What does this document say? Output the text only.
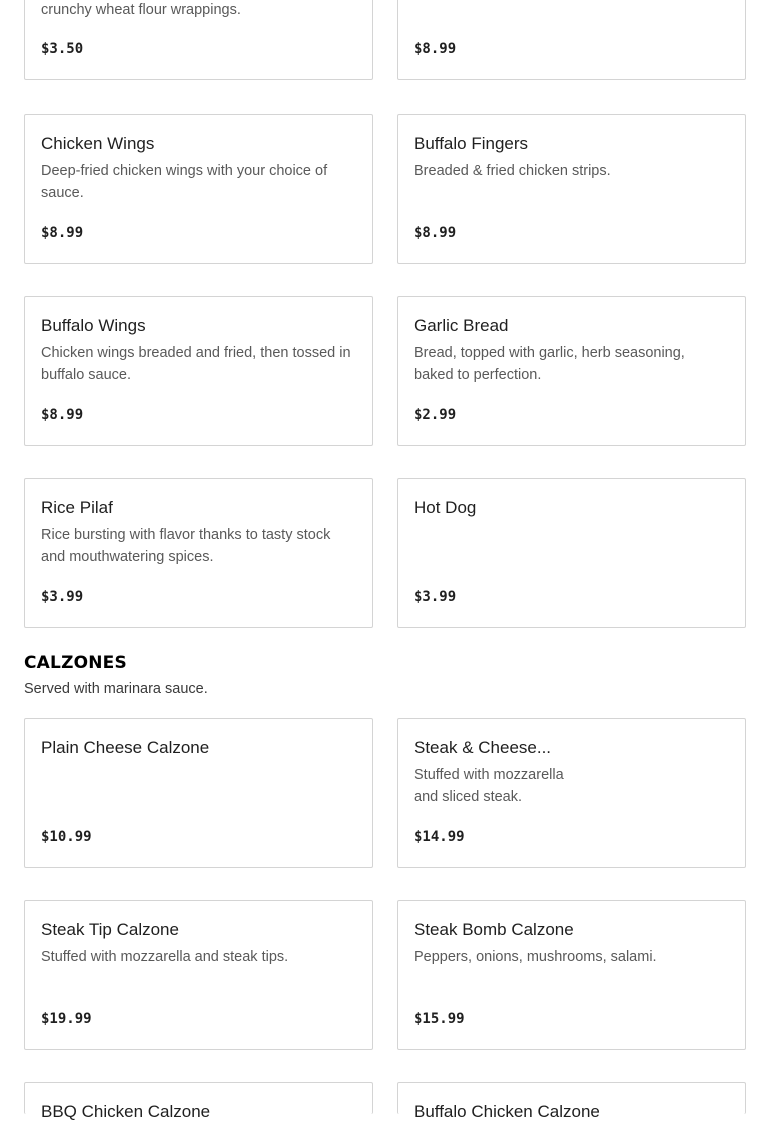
crunchy wheat flour wrappings.
$3.50	$8.99
Chicken Wings
Deep-fried chicken wings with your choice of sauce.
$8.99
Buffalo Fingers
Breaded & fried chicken strips.
$8.99
Buffalo Wings
Chicken wings breaded and fried, then tossed in buffalo sauce.
$8.99
Garlic Bread
Bread, topped with garlic, herb seasoning, baked to perfection.
$2.99
Rice Pilaf
Rice bursting with flavor thanks to tasty stock and mouthwatering spices.
$3.99
Hot Dog
$3.99
CALZONES
Served with marinara sauce.
Plain Cheese Calzone
$10.99
Steak & Cheese...
Stuffed with mozzarella and sliced steak.
$14.99
Steak Tip Calzone
Stuffed with mozzarella and steak tips.
$19.99
Steak Bomb Calzone
Peppers, onions, mushrooms, salami.
$15.99
BBQ Chicken Calzone	Buffalo Chicken Calzone
